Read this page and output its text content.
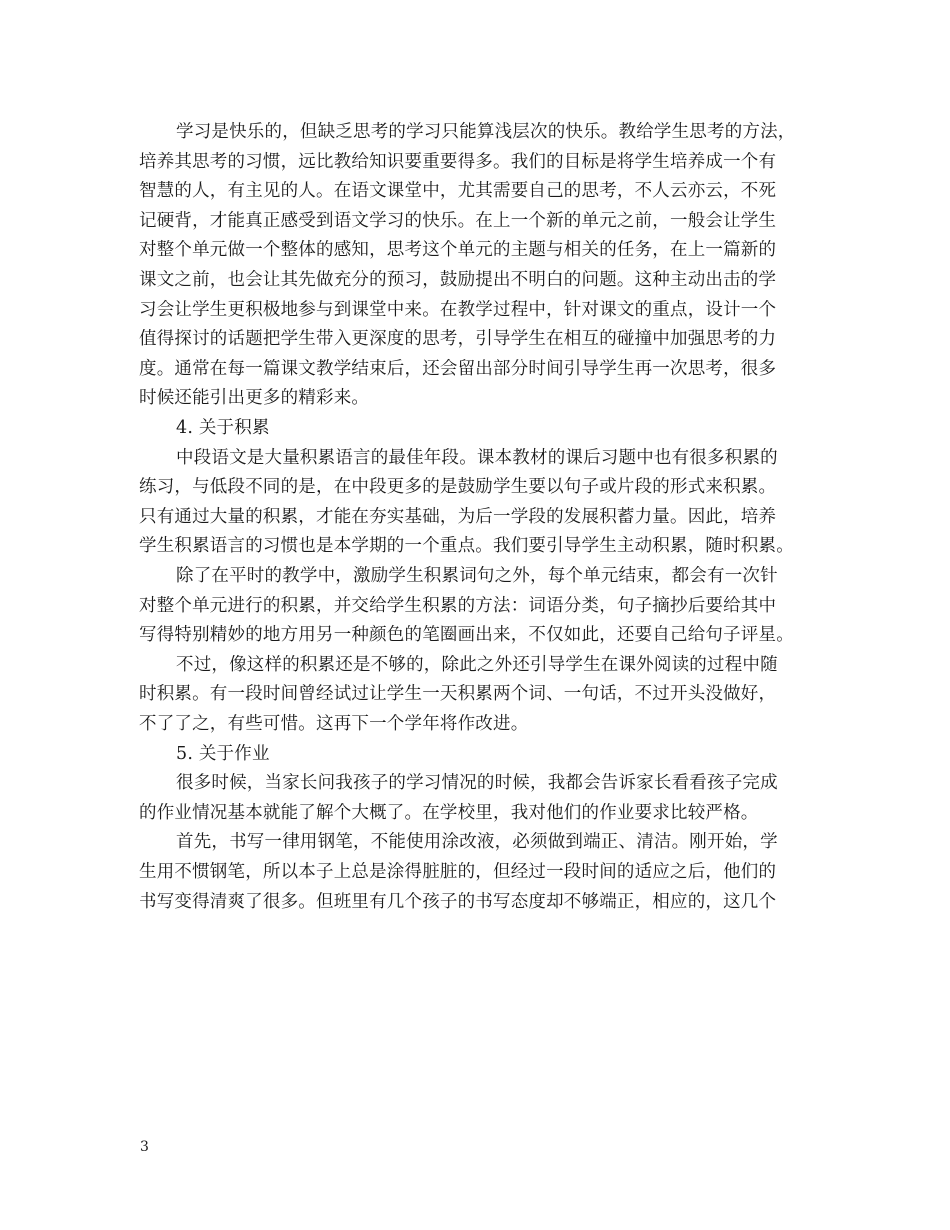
学习是快乐的，但缺乏思考的学习只能算浅层次的快乐。教给学生思考的方法，
培养其思考的习惯，远比教给知识要重要得多。我们的目标是将学生培养成一个有
智慧的人，有主见的人。在语文课堂中，尤其需要自己的思考，不人云亦云，不死
记硬背，才能真正感受到语文学习的快乐。在上一个新的单元之前，一般会让学生
对整个单元做一个整体的感知，思考这个单元的主题与相关的任务，在上一篇新的
课文之前，也会让其先做充分的预习，鼓励提出不明白的问题。这种主动出击的学
习会让学生更积极地参与到课堂中来。在教学过程中，针对课文的重点，设计一个
值得探讨的话题把学生带入更深度的思考，引导学生在相互的碰撞中加强思考的力
度。通常在每一篇课文教学结束后，还会留出部分时间引导学生再一次思考，很多
时候还能引出更多的精彩来。
4. 关于积累
中段语文是大量积累语言的最佳年段。课本教材的课后习题中也有很多积累的
练习，与低段不同的是，在中段更多的是鼓励学生要以句子或片段的形式来积累。
只有通过大量的积累，才能在夯实基础，为后一学段的发展积蓄力量。因此，培养
学生积累语言的习惯也是本学期的一个重点。我们要引导学生主动积累，随时积累。
除了在平时的教学中，激励学生积累词句之外，每个单元结束，都会有一次针
对整个单元进行的积累，并交给学生积累的方法：词语分类，句子摘抄后要给其中
写得特别精妙的地方用另一种颜色的笔圈画出来，不仅如此，还要自己给句子评星。
不过，像这样的积累还是不够的，除此之外还引导学生在课外阅读的过程中随
时积累。有一段时间曾经试过让学生一天积累两个词、一句话，不过开头没做好，
不了了之，有些可惜。这再下一个学年将作改进。
5. 关于作业
很多时候，当家长问我孩子的学习情况的时候，我都会告诉家长看看孩子完成
的作业情况基本就能了解个大概了。在学校里，我对他们的作业要求比较严格。
首先，书写一律用钢笔，不能使用涂改液，必须做到端正、清洁。刚开始，学
生用不惯钢笔，所以本子上总是涂得脏脏的，但经过一段时间的适应之后，他们的
书写变得清爽了很多。但班里有几个孩子的书写态度却不够端正，相应的，这几个
3
